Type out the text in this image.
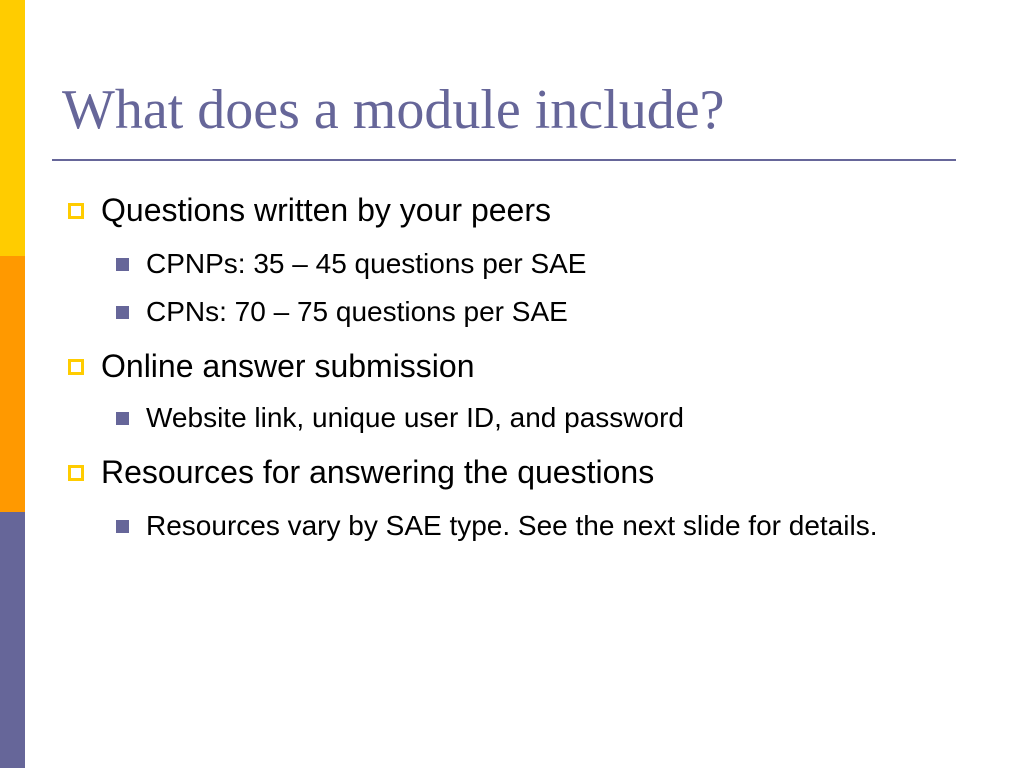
What does a module include?
Questions written by your peers
CPNPs: 35 – 45 questions per SAE
CPNs: 70 – 75 questions per SAE
Online answer submission
Website link, unique user ID, and password
Resources for answering the questions
Resources vary by SAE type. See the next slide for details.
